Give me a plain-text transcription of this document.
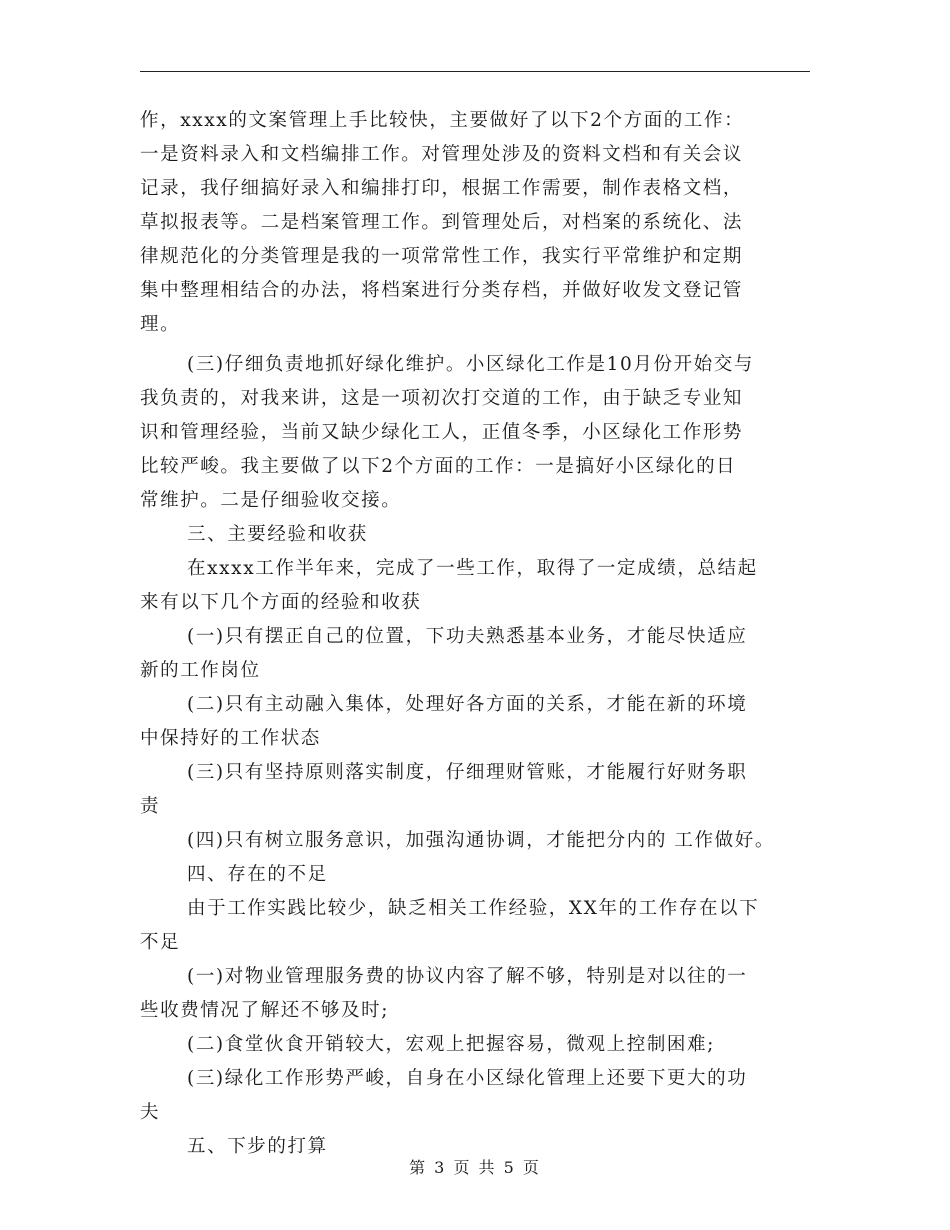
作，xxxx的文案管理上手比较快，主要做好了以下2个方面的工作：
一是资料录入和文档编排工作。对管理处涉及的资料文档和有关会议
记录，我仔细搞好录入和编排打印，根据工作需要，制作表格文档，
草拟报表等。二是档案管理工作。到管理处后，对档案的系统化、法
律规范化的分类管理是我的一项常常性工作，我实行平常维护和定期
集中整理相结合的办法，将档案进行分类存档，并做好收发文登记管
理。
(三)仔细负责地抓好绿化维护。小区绿化工作是10月份开始交与
我负责的，对我来讲，这是一项初次打交道的工作，由于缺乏专业知
识和管理经验，当前又缺少绿化工人，正值冬季，小区绿化工作形势
比较严峻。我主要做了以下2个方面的工作：一是搞好小区绿化的日
常维护。二是仔细验收交接。
三、主要经验和收获
在xxxx工作半年来，完成了一些工作，取得了一定成绩，总结起
来有以下几个方面的经验和收获
(一)只有摆正自己的位置，下功夫熟悉基本业务，才能尽快适应
新的工作岗位
(二)只有主动融入集体，处理好各方面的关系，才能在新的环境
中保持好的工作状态
(三)只有坚持原则落实制度，仔细理财管账，才能履行好财务职
责
(四)只有树立服务意识，加强沟通协调，才能把分内的 工作做好。
四、存在的不足
由于工作实践比较少，缺乏相关工作经验，XX年的工作存在以下
不足
(一)对物业管理服务费的协议内容了解不够，特别是对以往的一
些收费情况了解还不够及时;
(二)食堂伙食开销较大，宏观上把握容易，微观上控制困难;
(三)绿化工作形势严峻，自身在小区绿化管理上还要下更大的功
夫
五、下步的打算
第 3 页 共 5 页
